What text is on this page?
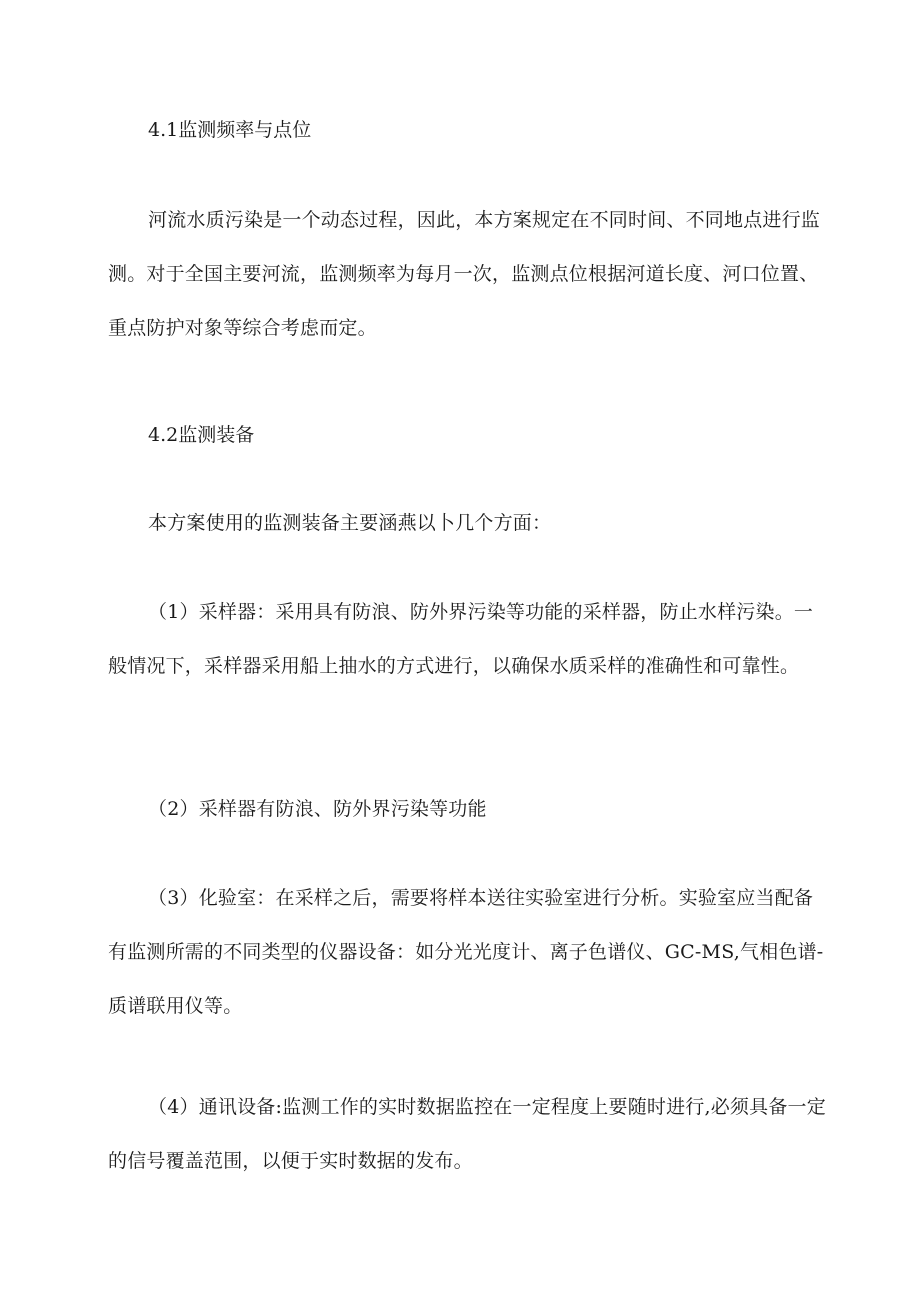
4.1监测频率与点位

河流水质污染是一个动态过程，因此，本方案规定在不同时间、不同地点进行监测。对于全国主要河流，监测频率为每月一次，监测点位根据河道长度、河口位置、重点防护对象等综合考虑而定。

4.2监测装备

本方案使用的监测装备主要涵燕以卜几个方面：

（1）采样器：采用具有防浪、防外界污染等功能的采样器，防止水样污染。一般情况下，采样器采用船上抽水的方式进行，以确保水质采样的准确性和可靠性。

（2）采样器有防浪、防外界污染等功能

（3）化验室：在采样之后，需要将样本送往实验室进行分析。实验室应当配备有监测所需的不同类型的仪器设备：如分光光度计、离子色谱仪、GC-MS,气相色谱-质谱联用仪等。

（4）通讯设备:监测工作的实时数据监控在一定程度上要随时进行,必须具备一定的信号覆盖范围，以便于实时数据的发布。
